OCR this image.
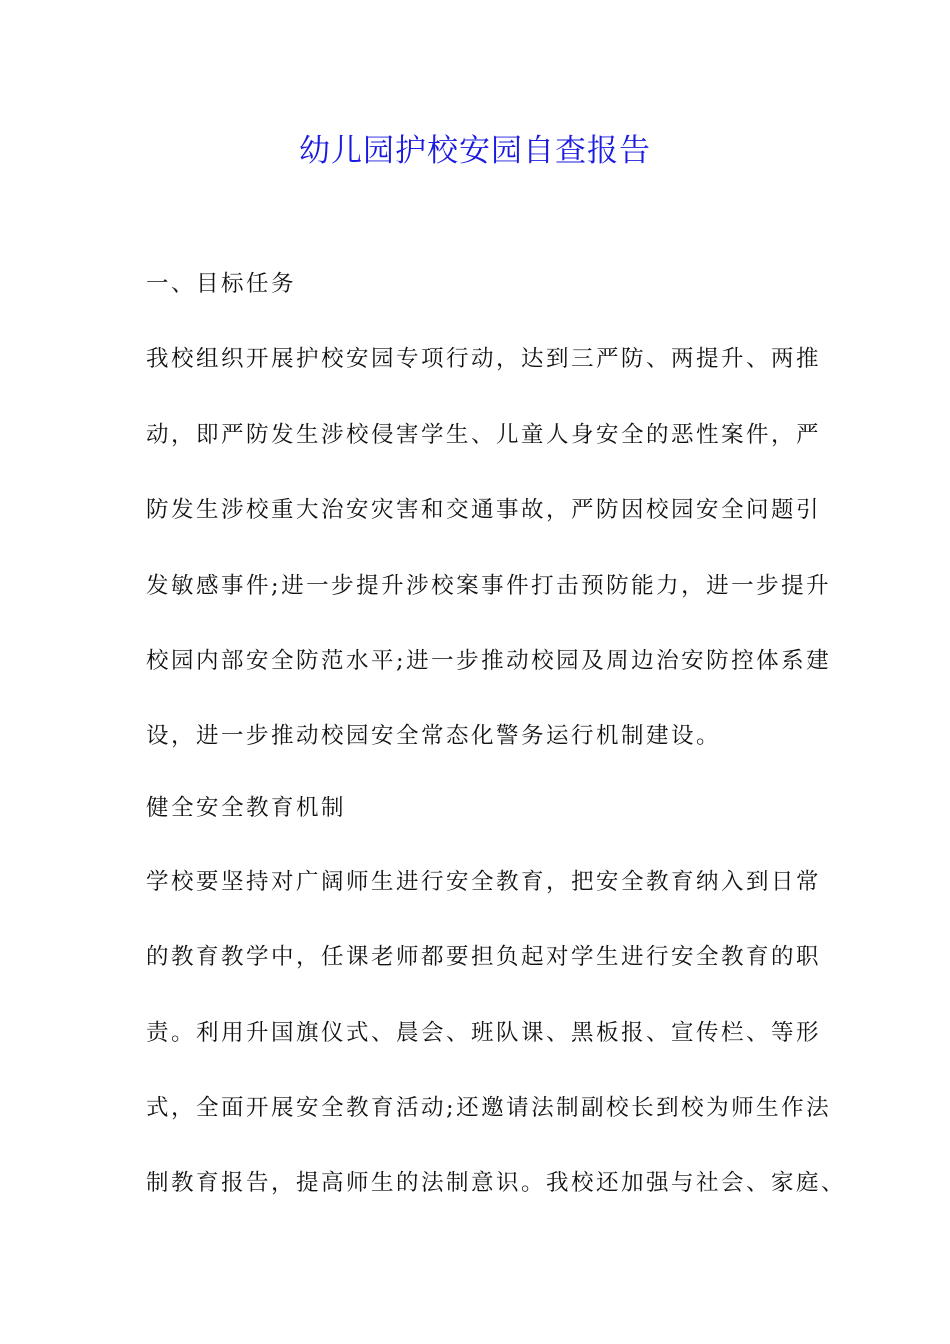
幼儿园护校安园自查报告
一、目标任务
我校组织开展护校安园专项行动，达到三严防、两提升、两推
动，即严防发生涉校侵害学生、儿童人身安全的恶性案件，严
防发生涉校重大治安灾害和交通事故，严防因校园安全问题引
发敏感事件;进一步提升涉校案事件打击预防能力，进一步提升
校园内部安全防范水平;进一步推动校园及周边治安防控体系建
设，进一步推动校园安全常态化警务运行机制建设。
健全安全教育机制
学校要坚持对广阔师生进行安全教育，把安全教育纳入到日常
的教育教学中，任课老师都要担负起对学生进行安全教育的职
责。利用升国旗仪式、晨会、班队课、黑板报、宣传栏、等形
式，全面开展安全教育活动;还邀请法制副校长到校为师生作法
制教育报告，提高师生的法制意识。我校还加强与社会、家庭、
